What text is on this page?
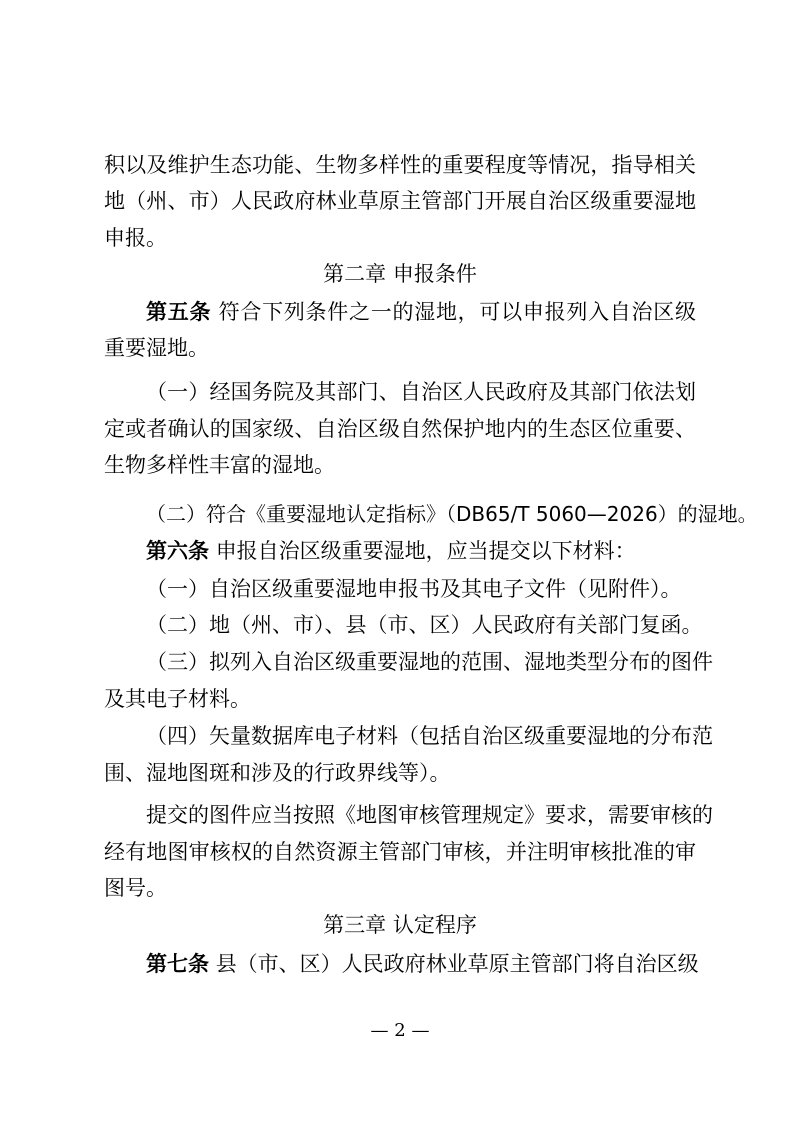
积以及维护生态功能、生物多样性的重要程度等情况，指导相关
地（州、市）人民政府林业草原主管部门开展自治区级重要湿地
申报。
第二章 申报条件
第五条 符合下列条件之一的湿地，可以申报列入自治区级
重要湿地。
（一）经国务院及其部门、自治区人民政府及其部门依法划
定或者确认的国家级、自治区级自然保护地内的生态区位重要、
生物多样性丰富的湿地。
（二）符合《重要湿地认定指标》（DB65/T 5060—2026）的湿地。
第六条 申报自治区级重要湿地，应当提交以下材料：
（一）自治区级重要湿地申报书及其电子文件（见附件）。
（二）地（州、市）、县（市、区）人民政府有关部门复函。
（三）拟列入自治区级重要湿地的范围、湿地类型分布的图件
及其电子材料。
（四）矢量数据库电子材料（包括自治区级重要湿地的分布范
围、湿地图斑和涉及的行政界线等）。
提交的图件应当按照《地图审核管理规定》要求，需要审核的
经有地图审核权的自然资源主管部门审核，并注明审核批准的审
图号。
第三章 认定程序
第七条 县（市、区）人民政府林业草原主管部门将自治区级
— 2 —
